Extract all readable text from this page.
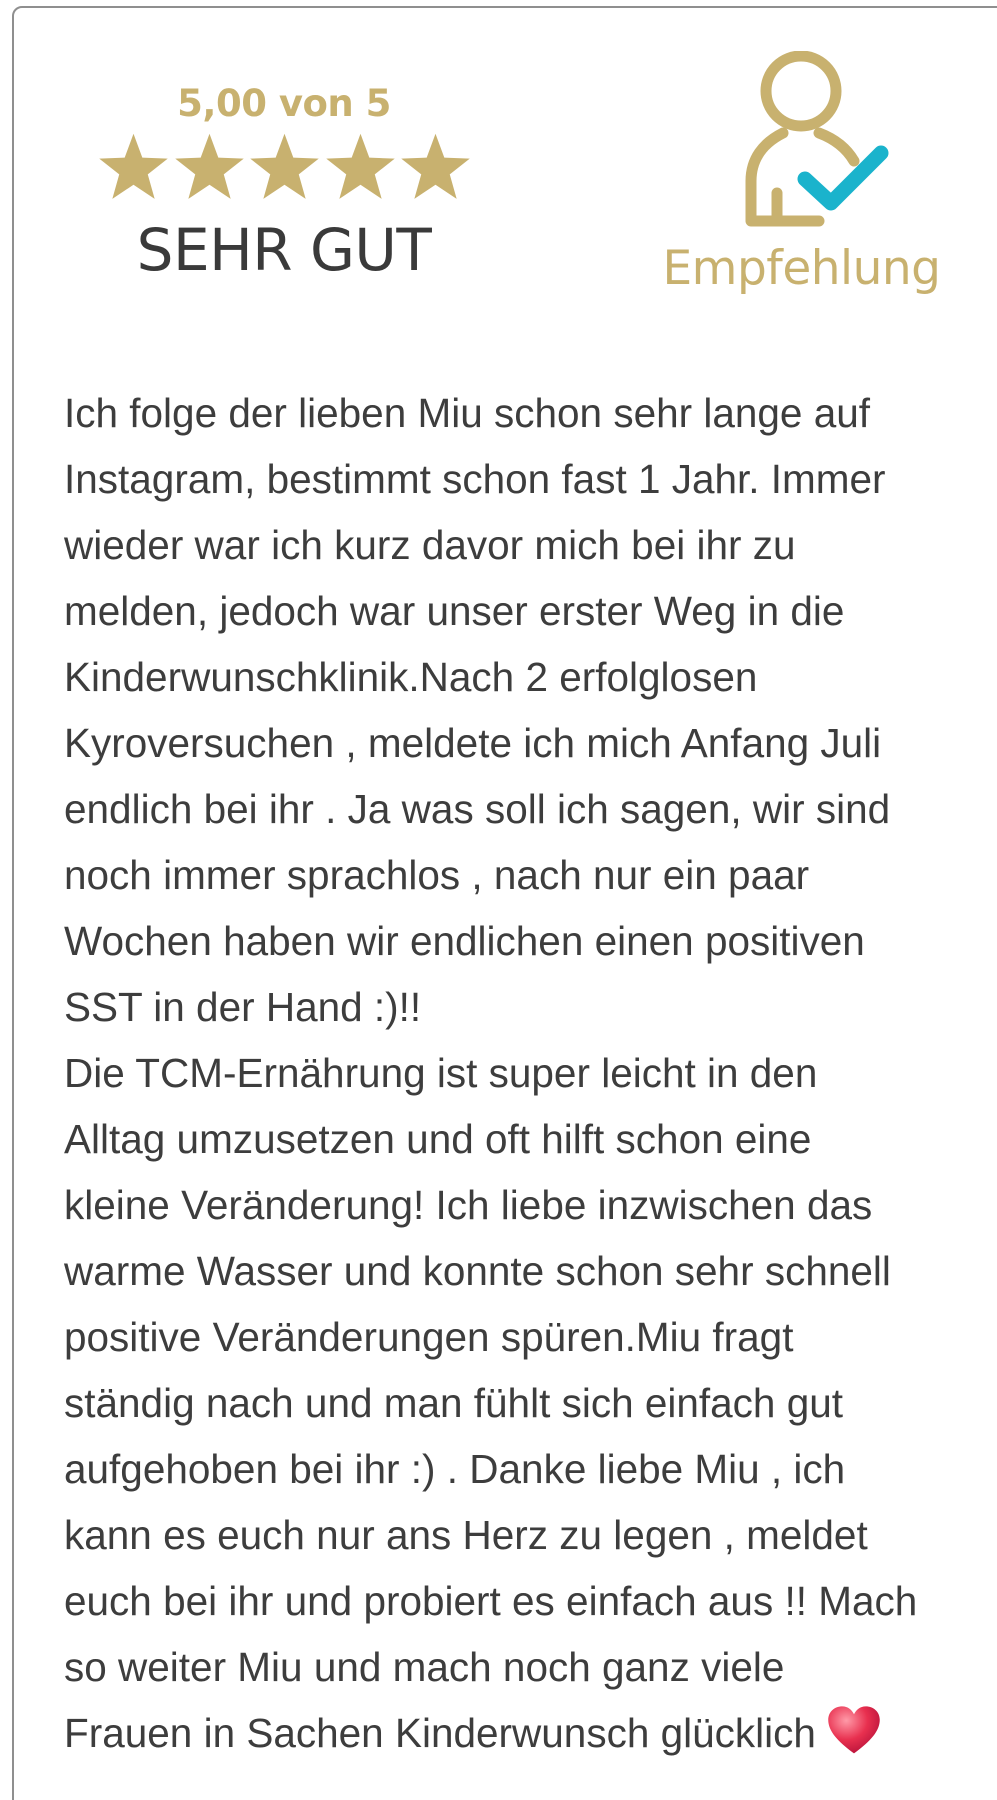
5,00 von 5
SEHR GUT	Empfehlung
Ich folge der lieben Miu schon sehr lange auf
Instagram, bestimmt schon fast 1 Jahr. Immer
wieder war ich kurz davor mich bei ihr zu
melden, jedoch war unser erster Weg in die
Kinderwunschklinik.Nach 2 erfolglosen
Kyroversuchen , meldete ich mich Anfang Juli
endlich bei ihr . Ja was soll ich sagen, wir sind
noch immer sprachlos , nach nur ein paar
Wochen haben wir endlichen einen positiven
SST in der Hand :)!!
Die TCM-Ernährung ist super leicht in den
Alltag umzusetzen und oft hilft schon eine
kleine Veränderung! Ich liebe inzwischen das
warme Wasser und konnte schon sehr schnell
positive Veränderungen spüren.Miu fragt
ständig nach und man fühlt sich einfach gut
aufgehoben bei ihr :) . Danke liebe Miu , ich
kann es euch nur ans Herz zu legen , meldet
euch bei ihr und probiert es einfach aus !! Mach
so weiter Miu und mach noch ganz viele
Frauen in Sachen Kinderwunsch glücklich
